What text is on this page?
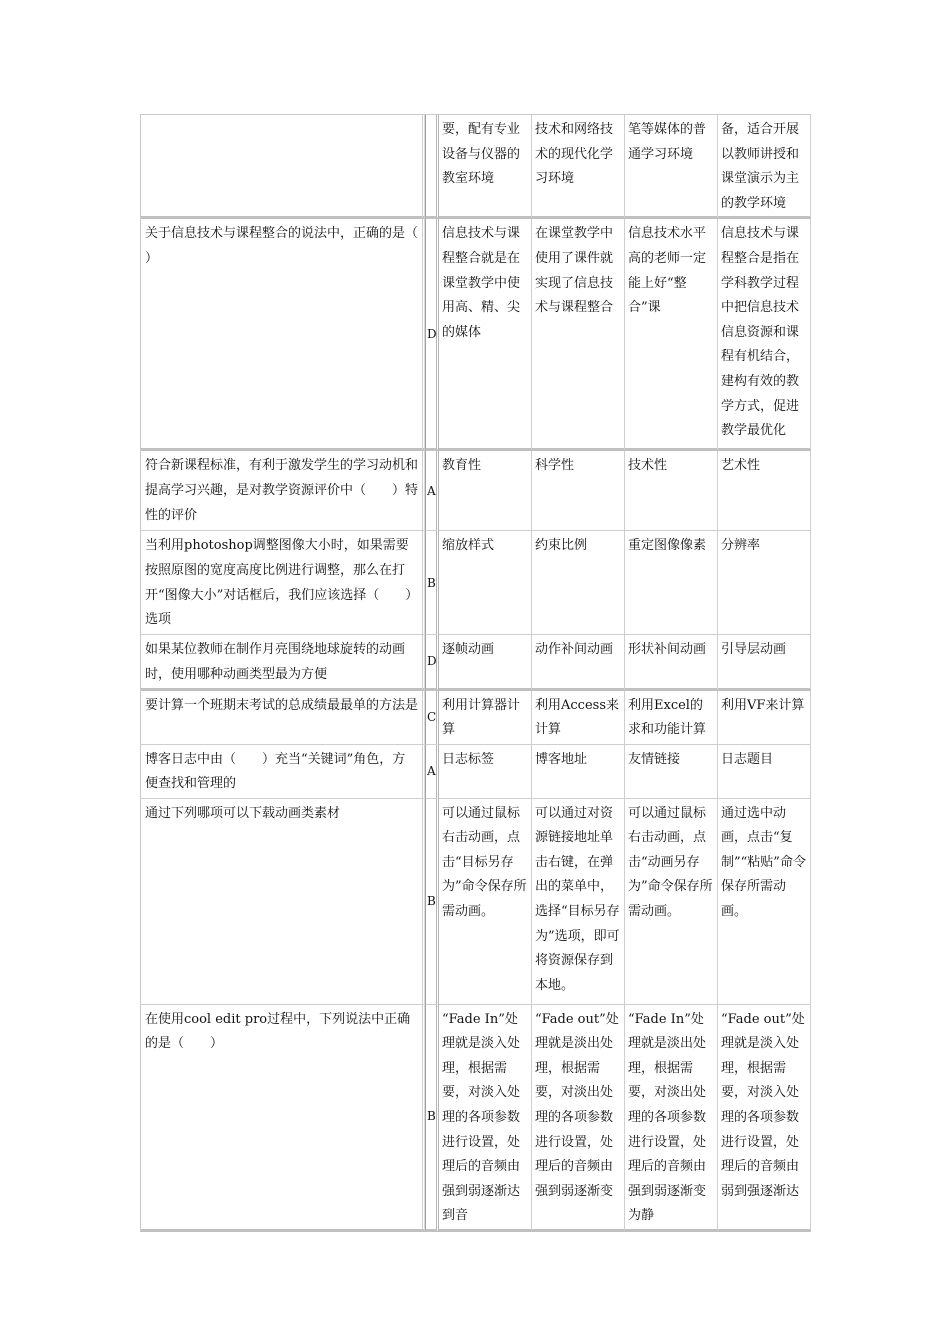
			要，配有专业设备与仪器的教室环境	技术和网络技术的现代化学习环境	笔等媒体的普通学习环境	备，适合开展以教师讲授和课堂演示为主的教学环境
关于信息技术与课程整合的说法中，正确的是（　　）		D	信息技术与课程整合就是在课堂教学中使用高、精、尖的媒体	在课堂教学中使用了课件就实现了信息技术与课程整合	信息技术水平高的老师一定能上好“整合”课	信息技术与课程整合是指在学科教学过程中把信息技术信息资源和课程有机结合，建构有效的教学方式，促进教学最优化
符合新课程标准，有利于激发学生的学习动机和提高学习兴趣，是对教学资源评价中（　　）特性的评价		A	教育性	科学性	技术性	艺术性
当利用photoshop调整图像大小时，如果需要按照原图的宽度高度比例进行调整，那么在打开“图像大小”对话框后，我们应该选择（　　）选项		B	缩放样式	约束比例	重定图像像素	分辨率
如果某位教师在制作月亮围绕地球旋转的动画时，使用哪种动画类型最为方便		D	逐帧动画	动作补间动画	形状补间动画	引导层动画
要计算一个班期末考试的总成绩最最单的方法是		C	利用计算器计算	利用Access来计算	利用Excel的求和功能计算	利用VF来计算
博客日志中由（　　）充当“关键词”角色，方便查找和管理的		A	日志标签	博客地址	友情链接	日志题目
通过下列哪项可以下载动画类素材		B	可以通过鼠标右击动画，点击“目标另存为”命令保存所需动画。	可以通过对资源链接地址单击右键，在弹出的菜单中，选择“目标另存为”选项，即可将资源保存到本地。	可以通过鼠标右击动画，点击“动画另存为”命令保存所需动画。	通过选中动画，点击“复制”“粘贴”命令保存所需动画。
在使用cool edit pro过程中，下列说法中正确的是（　　）		B	“Fade In”处理就是淡入处理，根据需要，对淡入处理的各项参数进行设置，处理后的音频由强到弱逐渐达到音	“Fade out”处理就是淡出处理，根据需要，对淡出处理的各项参数进行设置，处理后的音频由强到弱逐渐变	“Fade In”处理就是淡出处理，根据需要，对淡出处理的各项参数进行设置，处理后的音频由强到弱逐渐变为静	“Fade out”处理就是淡入处理，根据需要，对淡入处理的各项参数进行设置，处理后的音频由弱到强逐渐达
